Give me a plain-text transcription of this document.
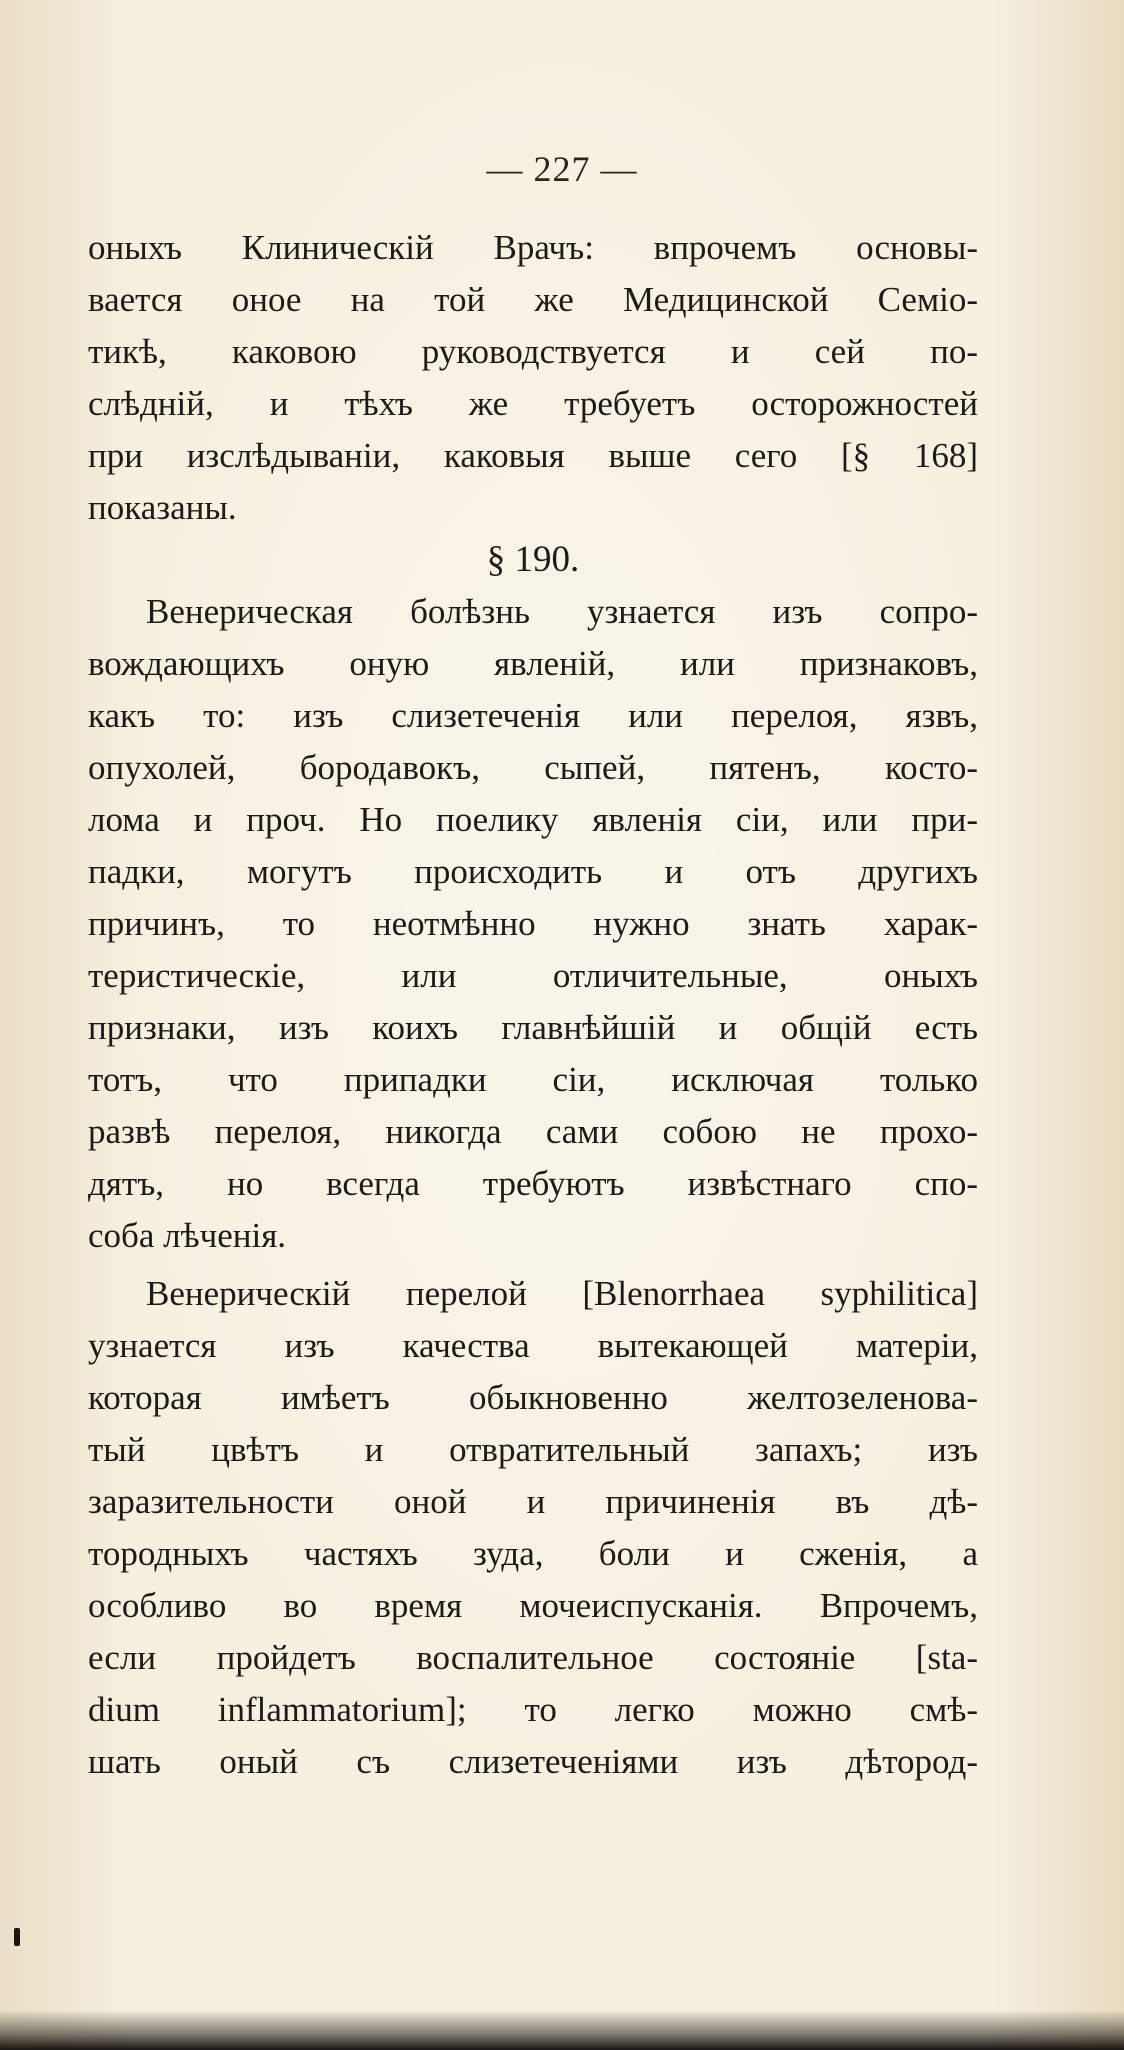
— 227 —
оныхъ Клиническій Врачъ: впрочемъ основы-
вается оное на той же Медицинской Семіо-
тикѣ, каковою руководствуется и сей по-
слѣдній, и тѣхъ же требуетъ осторожностей
при изслѣдываніи, каковыя выше сего [§ 168]
показаны.
§ 190.
Венерическая болѣзнь узнается изъ сопро-
вождающихъ оную явленій, или признаковъ,
какъ то: изъ слизетеченія или перелоя, язвъ,
опухолей, бородавокъ, сыпей, пятенъ, косто-
лома и проч. Но поелику явленія сіи, или при-
падки, могутъ происходить и отъ другихъ
причинъ, то неотмѣнно нужно знать харак-
теристическіе, или отличительные, оныхъ
признаки, изъ коихъ главнѣйшій и общій есть
тотъ, что припадки сіи, исключая только
развѣ перелоя, никогда сами собою не прохо-
дятъ, но всегда требуютъ извѣстнаго спо-
соба лѣченія.
Венерическій перелой [Blenorrhaea syphilitica]
узнается изъ качества вытекающей матеріи,
которая имѣетъ обыкновенно желтозеленова-
тый цвѣтъ и отвратительный запахъ; изъ
заразительности оной и причиненія въ дѣ-
тородныхъ частяхъ зуда, боли и сженія, а
особливо во время мочеиспусканія. Впрочемъ,
если пройдетъ воспалительное состояніе [sta-
dium inflammatorium]; то легко можно смѣ-
шать оный съ слизетеченіями изъ дѣтород-
